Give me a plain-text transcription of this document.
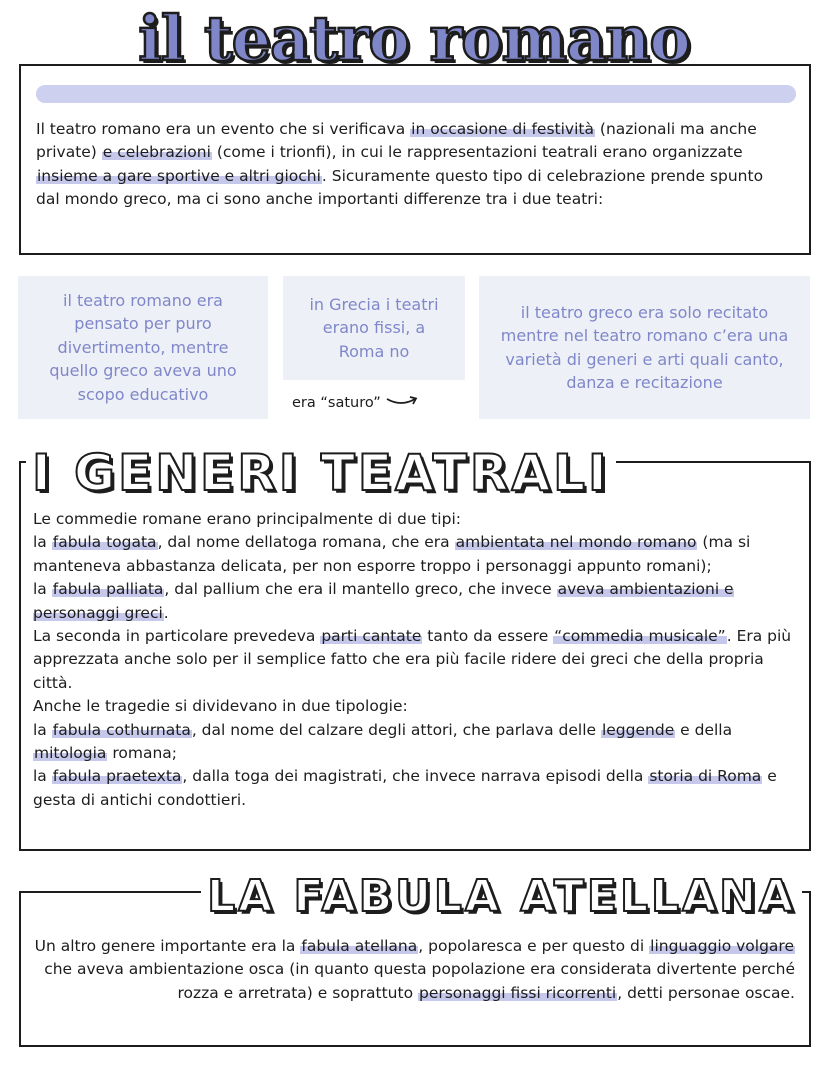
il teatro romano
Il teatro romano era un evento che si verificava in occasione di festività (nazionali ma anche private) e celebrazioni (come i trionfi), in cui le rappresentazioni teatrali erano organizzate insieme a gare sportive e altri giochi. Sicuramente questo tipo di celebrazione prende spunto dal mondo greco, ma ci sono anche importanti differenze tra i due teatri:
il teatro romano era pensato per puro divertimento, mentre quello greco aveva uno scopo educativo
in Grecia i teatri erano fissi, a Roma no
il teatro greco era solo recitato mentre nel teatro romano c’era una varietà di generi e arti quali canto, danza e recitazione
era “saturo”
I GENERI TEATRALI
Le commedie romane erano principalmente di due tipi:
la fabula togata, dal nome dellatoga romana, che era ambientata nel mondo romano (ma si manteneva abbastanza delicata, per non esporre troppo i personaggi appunto romani);
la fabula palliata, dal pallium che era il mantello greco, che invece aveva ambientazioni e personaggi greci.
La seconda in particolare prevedeva parti cantate tanto da essere “commedia musicale”. Era più apprezzata anche solo per il semplice fatto che era più facile ridere dei greci che della propria città.
Anche le tragedie si dividevano in due tipologie:
la fabula cothurnata, dal nome del calzare degli attori, che parlava delle leggende e della mitologia romana;
la fabula praetexta, dalla toga dei magistrati, che invece narrava episodi della storia di Roma e gesta di antichi condottieri.
LA FABULA ATELLANA
Un altro genere importante era la fabula atellana, popolaresca e per questo di linguaggio volgare che aveva ambientazione osca (in quanto questa popolazione era considerata divertente perché rozza e arretrata) e soprattuto personaggi fissi ricorrenti, detti personae oscae.
